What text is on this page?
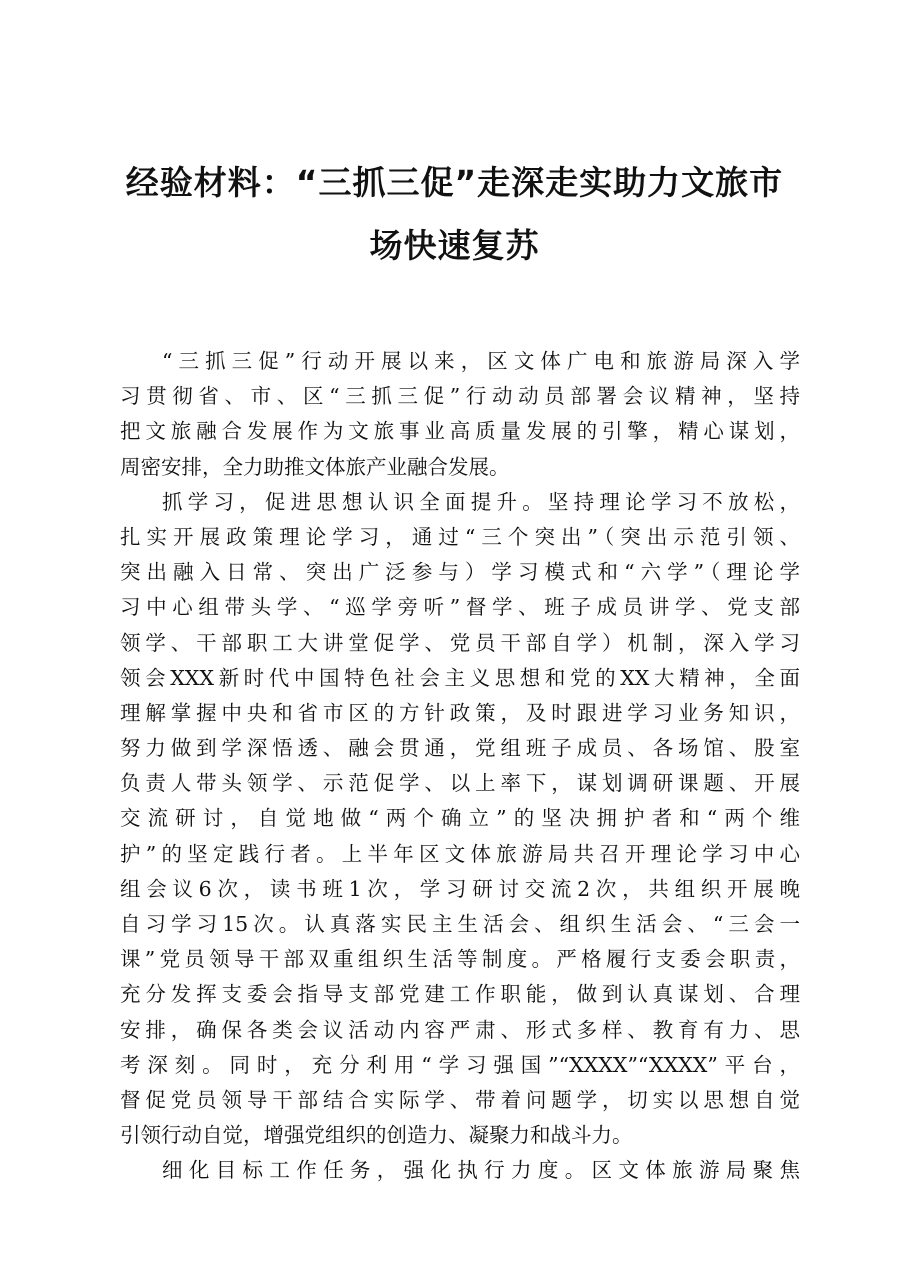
经验材料：“三抓三促”走深走实助力文旅市
场快速复苏
“三抓三促”行动开展以来，区文体广电和旅游局深入学
习贯彻省、市、区“三抓三促”行动动员部署会议精神，坚持
把文旅融合发展作为文旅事业高质量发展的引擎，精心谋划，
周密安排，全力助推文体旅产业融合发展。
抓学习，促进思想认识全面提升。坚持理论学习不放松，
扎实开展政策理论学习，通过“三个突出”（突出示范引领、
突出融入日常、突出广泛参与）学习模式和“六学”（理论学
习中心组带头学、“巡学旁听”督学、班子成员讲学、党支部
领学、干部职工大讲堂促学、党员干部自学）机制，深入学习
领会XXX新时代中国特色社会主义思想和党的XX大精神，全面
理解掌握中央和省市区的方针政策，及时跟进学习业务知识，
努力做到学深悟透、融会贯通，党组班子成员、各场馆、股室
负责人带头领学、示范促学、以上率下，谋划调研课题、开展
交流研讨，自觉地做“两个确立”的坚决拥护者和“两个维
护”的坚定践行者。上半年区文体旅游局共召开理论学习中心
组会议6次，读书班1次，学习研讨交流2次，共组织开展晚
自习学习15次。认真落实民主生活会、组织生活会、“三会一
课”党员领导干部双重组织生活等制度。严格履行支委会职责，
充分发挥支委会指导支部党建工作职能，做到认真谋划、合理
安排，确保各类会议活动内容严肃、形式多样、教育有力、思
考深刻。同时，充分利用“学习强国”“XXXX”“XXXX”平台，
督促党员领导干部结合实际学、带着问题学，切实以思想自觉
引领行动自觉，增强党组织的创造力、凝聚力和战斗力。
细化目标工作任务，强化执行力度。区文体旅游局聚焦
